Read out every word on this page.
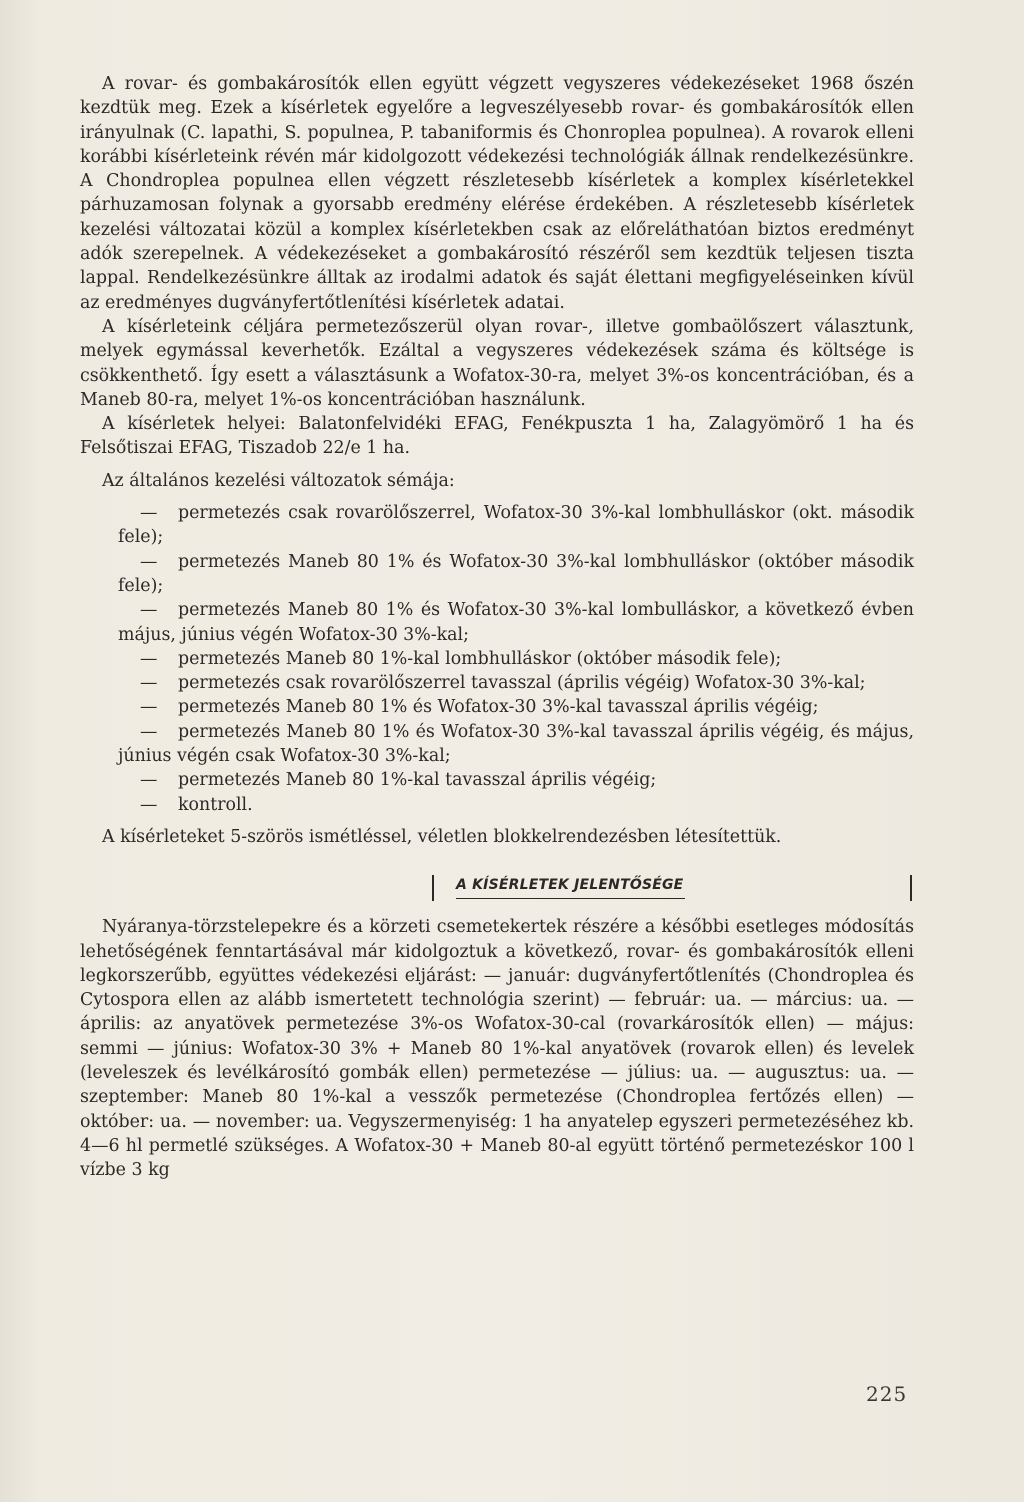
A rovar- és gombakárosítók ellen együtt végzett vegyszeres védekezéseket 1968 őszén kezdtük meg. Ezek a kísérletek egyelőre a legveszélyesebb rovar- és gombakárosítók ellen irányulnak (C. lapathi, S. populnea, P. tabaniformis és Chonroplea populnea). A rovarok elleni korábbi kísérleteink révén már kidolgozott védekezési technológiák állnak rendelkezésünkre. A Chondroplea populnea ellen végzett részletesebb kísérletek a komplex kísérletekkel párhuzamosan folynak a gyorsabb eredmény elérése érdekében. A részletesebb kísérletek kezelési változatai közül a komplex kísérletekben csak az előreláthatóan biztos eredményt adók szerepelnek. A védekezéseket a gombakárosító részéről sem kezdtük teljesen tiszta lappal. Rendelkezésünkre álltak az irodalmi adatok és saját élettani megfigyeléseinken kívül az eredményes dugványfertőtlenítési kísérletek adatai.

A kísérleteink céljára permetezőszerül olyan rovar-, illetve gombaölőszert választunk, melyek egymással keverhetők. Ezáltal a vegyszeres védekezések száma és költsége is csökkenthető. Így esett a választásunk a Wofatox-30-ra, melyet 3%-os koncentrációban, és a Maneb 80-ra, melyet 1%-os koncentrációban használunk.

A kísérletek helyei: Balatonfelvidéki EFAG, Fenékpuszta 1 ha, Zalagyömörő 1 ha és Felsőtiszai EFAG, Tiszadob 22/e 1 ha.

Az általános kezelési változatok sémája:

— permetezés csak rovarölőszerrel, Wofatox-30 3%-kal lombhulláskor (okt. második fele);

— permetezés Maneb 80 1% és Wofatox-30 3%-kal lombhulláskor (október második fele);

— permetezés Maneb 80 1% és Wofatox-30 3%-kal lombulláskor, a következő évben május, június végén Wofatox-30 3%-kal;

— permetezés Maneb 80 1%-kal lombhulláskor (október második fele);

— permetezés csak rovarölőszerrel tavasszal (április végéig) Wofatox-30 3%-kal;

— permetezés Maneb 80 1% és Wofatox-30 3%-kal tavasszal április végéig;

— permetezés Maneb 80 1% és Wofatox-30 3%-kal tavasszal április végéig, és május, június végén csak Wofatox-30 3%-kal;

— permetezés Maneb 80 1%-kal tavasszal április végéig;

— kontroll.

A kísérleteket 5-szörös ismétléssel, véletlen blokkelrendezésben létesítettük.

A KÍSÉRLETEK JELENTŐSÉGE

Nyáranya-törzstelepekre és a körzeti csemetekertek részére a későbbi esetleges módosítás lehetőségének fenntartásával már kidolgoztuk a következő, rovar- és gombakárosítók elleni legkorszerűbb, együttes védekezési eljárást: — január: dugványfertőtlenítés (Chondroplea és Cytospora ellen az alább ismertetett technológia szerint) — február: ua. — március: ua. — április: az anyatövek permetezése 3%-os Wofatox-30-cal (rovarkárosítók ellen) — május: semmi — június: Wofatox-30 3% + Maneb 80 1%-kal anyatövek (rovarok ellen) és levelek (leveleszek és levélkárosító gombák ellen) permetezése — július: ua. — augusztus: ua. — szeptember: Maneb 80 1%-kal a vesszők permetezése (Chondroplea fertőzés ellen) — október: ua. — november: ua. Vegyszermenyiség: 1 ha anyatelep egyszeri permetezéséhez kb. 4—6 hl permetlé szükséges. A Wofatox-30 + Maneb 80-al együtt történő permetezéskor 100 l vízbe 3 kg

225
